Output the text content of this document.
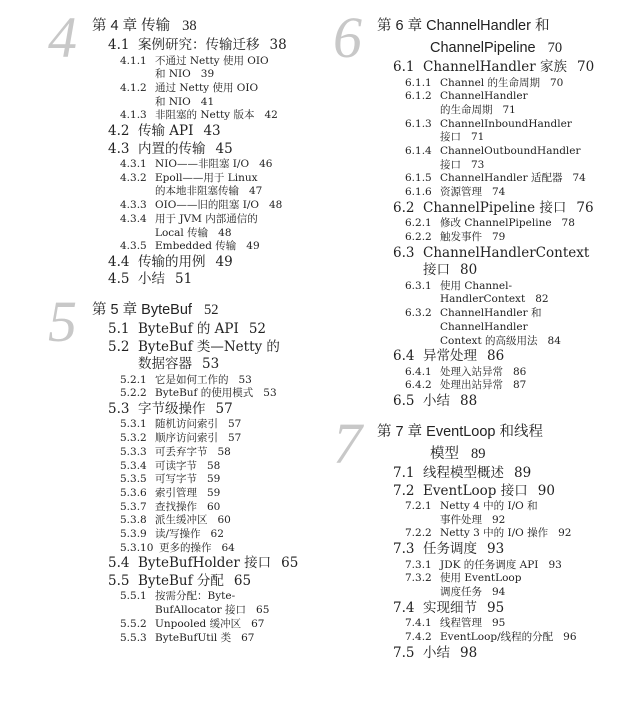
4 第 4 章 传输 38
4.1 案例研究：传输迁移 38
4.1.1 不通过 Netty 使用 OIO
和 NIO 39
4.1.2 通过 Netty 使用 OIO
和 NIO 41
4.1.3 非阻塞的 Netty 版本 42
4.2 传输 API 43
4.3 内置的传输 45
4.3.1 NIO——非阻塞 I/O 46
4.3.2 Epoll——用于 Linux
的本地非阻塞传输 47
4.3.3 OIO——旧的阻塞 I/O 48
4.3.4 用于 JVM 内部通信的
Local 传输 48
4.3.5 Embedded 传输 49
4.4 传输的用例 49
4.5 小结 51
5 第 5 章 ByteBuf 52
5.1 ByteBuf 的 API 52
5.2 ByteBuf 类—Netty 的
数据容器 53
5.2.1 它是如何工作的 53
5.2.2 ByteBuf 的使用模式 53
5.3 字节级操作 57
5.3.1 随机访问索引 57
5.3.2 顺序访问索引 57
5.3.3 可丢弃字节 58
5.3.4 可读字节 58
5.3.5 可写字节 59
5.3.6 索引管理 59
5.3.7 查找操作 60
5.3.8 派生缓冲区 60
5.3.9 读/写操作 62
5.3.10 更多的操作 64
5.4 ByteBufHolder 接口 65
5.5 ByteBuf 分配 65
5.5.1 按需分配：Byte-
BufAllocator 接口 65
5.5.2 Unpooled 缓冲区 67
5.5.3 ByteBufUtil 类 67
6 第 6 章 ChannelHandler 和
ChannelPipeline 70
6.1 ChannelHandler 家族 70
6.1.1 Channel 的生命周期 70
6.1.2 ChannelHandler
的生命周期 71
6.1.3 ChannelInboundHandler
接口 71
6.1.4 ChannelOutboundHandler
接口 73
6.1.5 ChannelHandler 适配器 74
6.1.6 资源管理 74
6.2 ChannelPipeline 接口 76
6.2.1 修改 ChannelPipeline 78
6.2.2 触发事件 79
6.3 ChannelHandlerContext
接口 80
6.3.1 使用 Channel-
HandlerContext 82
6.3.2 ChannelHandler 和
ChannelHandler
Context 的高级用法 84
6.4 异常处理 86
6.4.1 处理入站异常 86
6.4.2 处理出站异常 87
6.5 小结 88
7 第 7 章 EventLoop 和线程
模型 89
7.1 线程模型概述 89
7.2 EventLoop 接口 90
7.2.1 Netty 4 中的 I/O 和
事件处理 92
7.2.2 Netty 3 中的 I/O 操作 92
7.3 任务调度 93
7.3.1 JDK 的任务调度 API 93
7.3.2 使用 EventLoop
调度任务 94
7.4 实现细节 95
7.4.1 线程管理 95
7.4.2 EventLoop/线程的分配 96
7.5 小结 98
